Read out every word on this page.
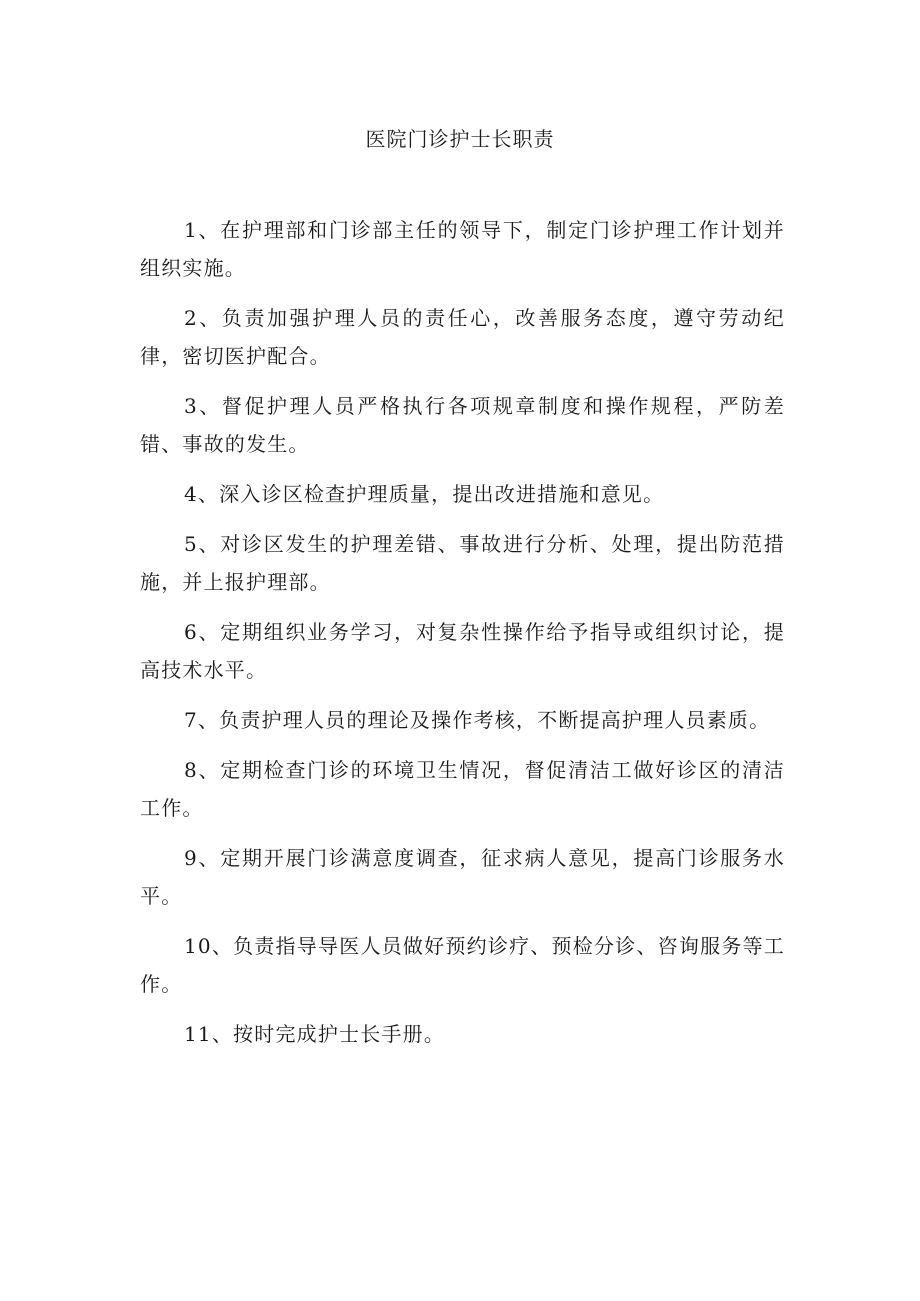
医院门诊护士长职责

1、在护理部和门诊部主任的领导下，制定门诊护理工作计划并组织实施。

2、负责加强护理人员的责任心，改善服务态度，遵守劳动纪律，密切医护配合。

3、督促护理人员严格执行各项规章制度和操作规程，严防差错、事故的发生。

4、深入诊区检查护理质量，提出改进措施和意见。

5、对诊区发生的护理差错、事故进行分析、处理，提出防范措施，并上报护理部。

6、定期组织业务学习，对复杂性操作给予指导或组织讨论，提高技术水平。

7、负责护理人员的理论及操作考核，不断提高护理人员素质。

8、定期检查门诊的环境卫生情况，督促清洁工做好诊区的清洁工作。

9、定期开展门诊满意度调查，征求病人意见，提高门诊服务水平。

10、负责指导导医人员做好预约诊疗、预检分诊、咨询服务等工作。

11、按时完成护士长手册。
